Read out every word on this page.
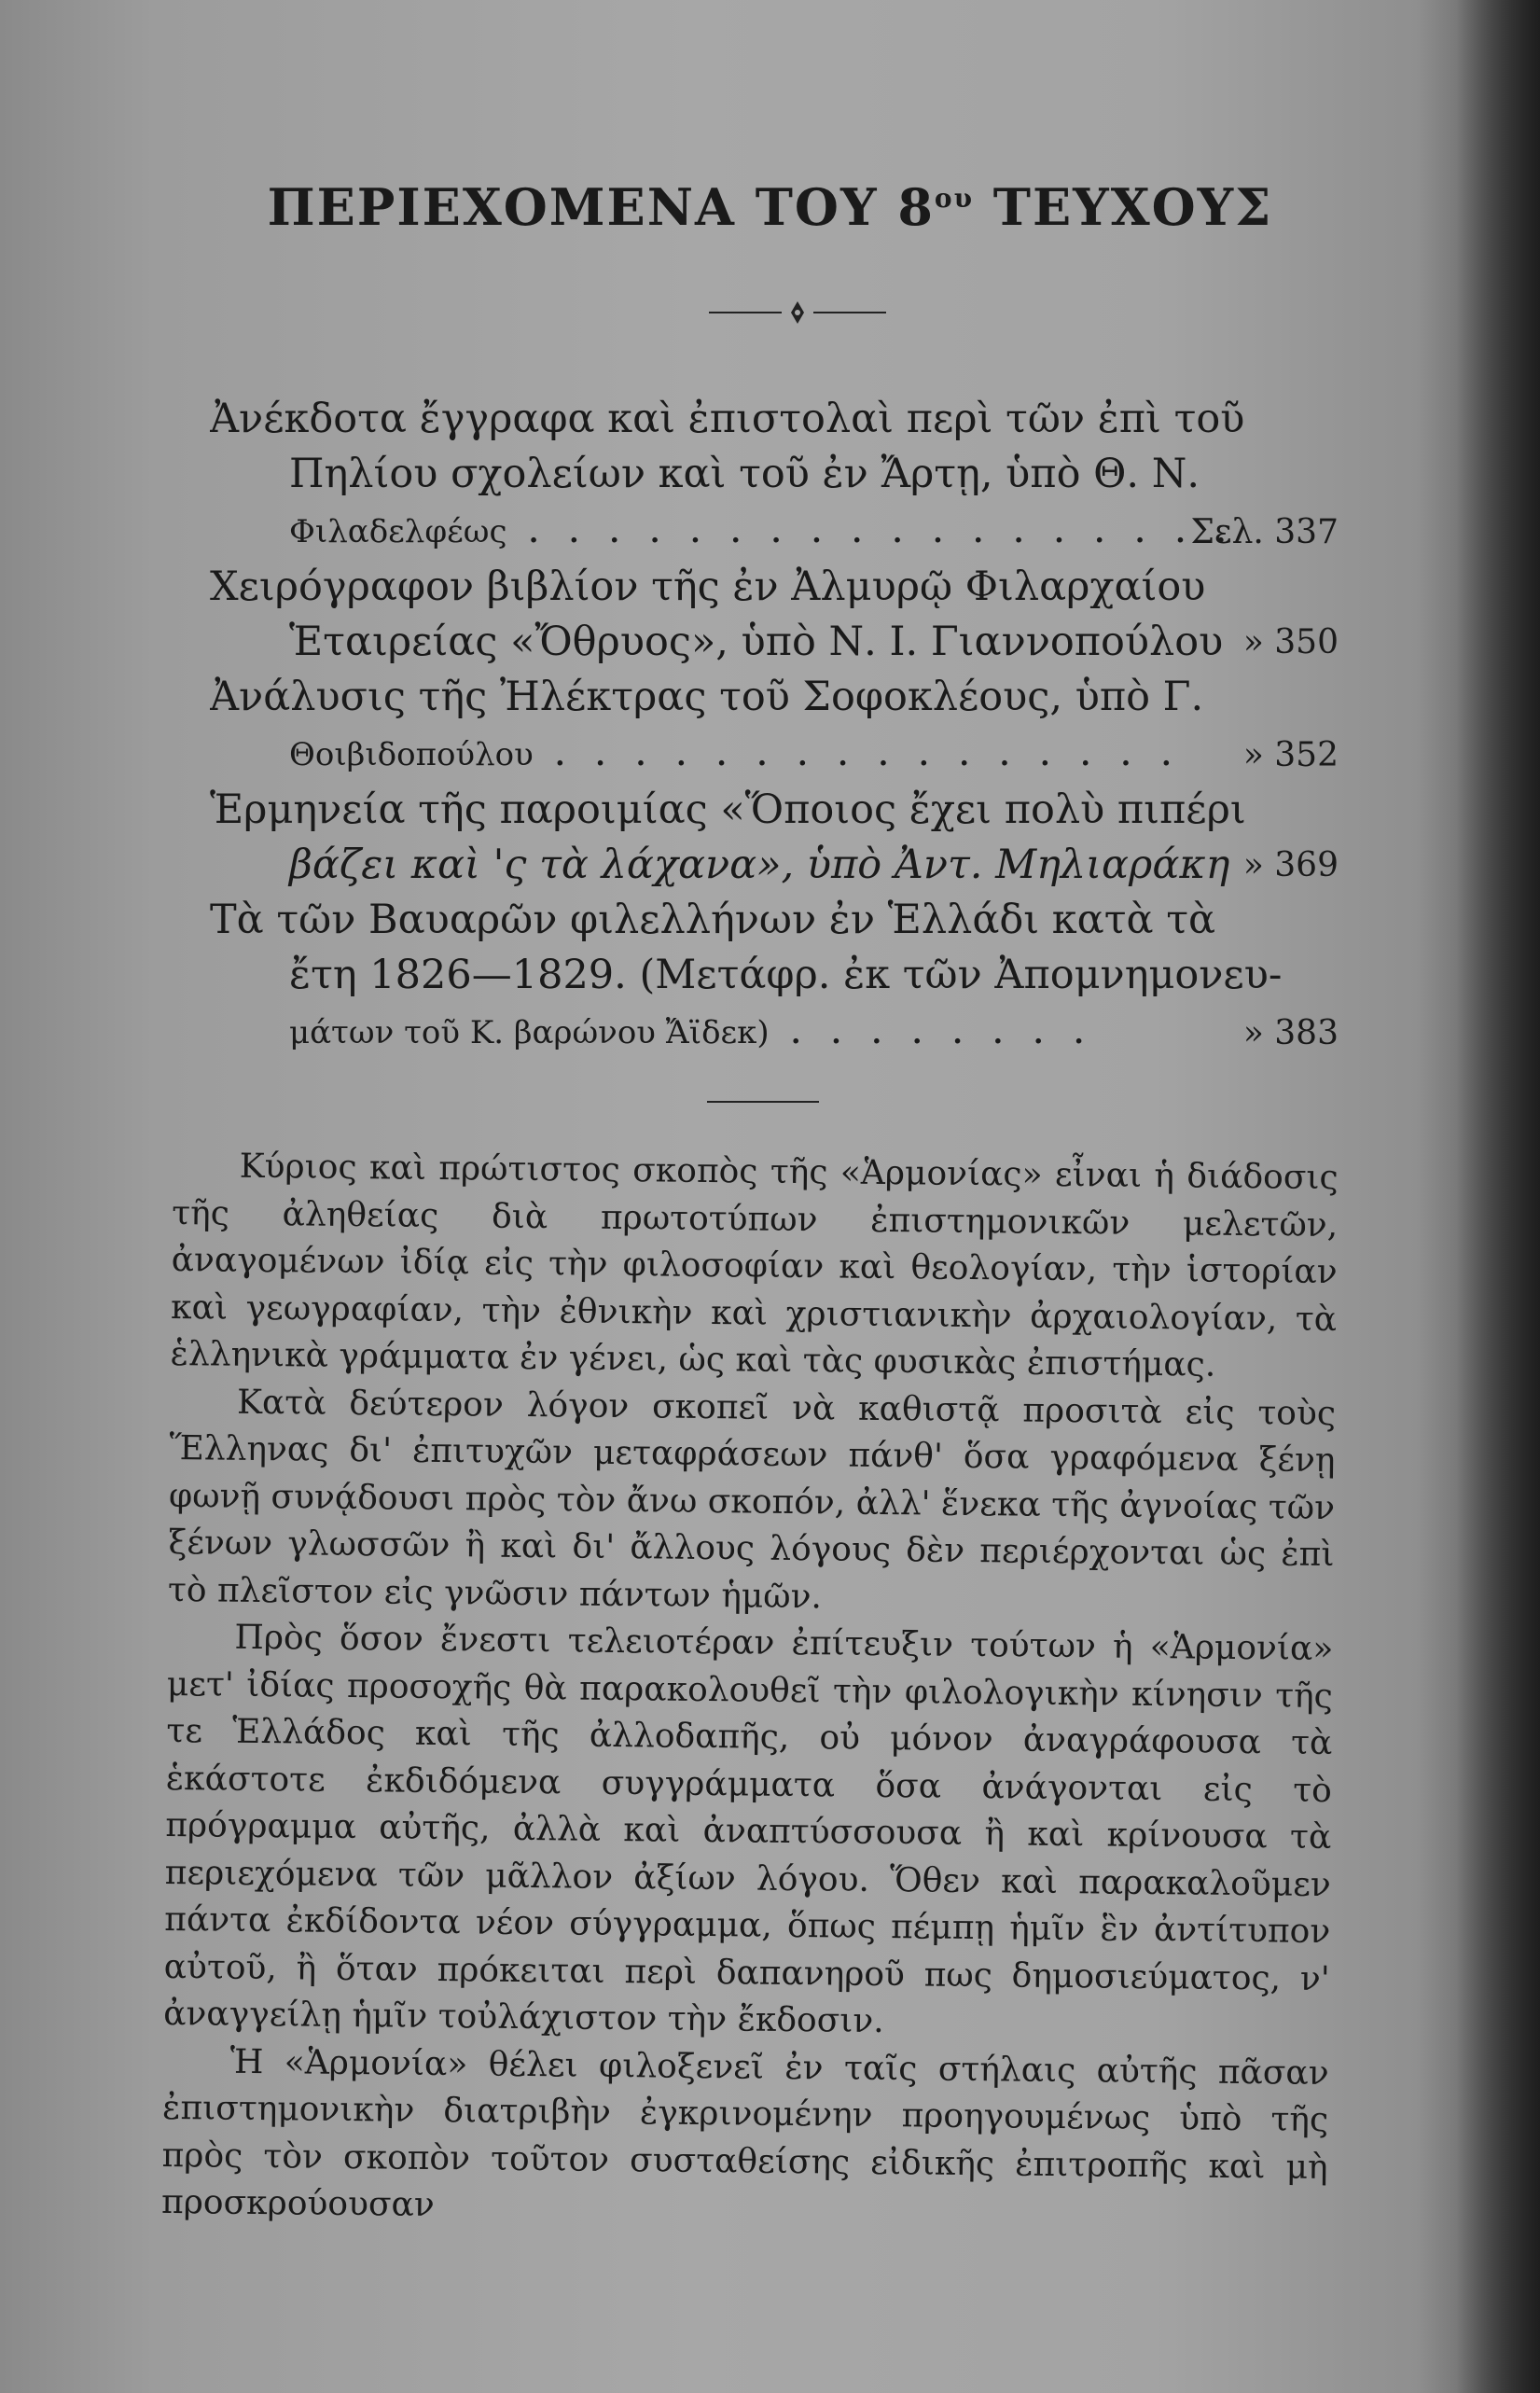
ΠΕΡΙΕΧΟΜΕΝΑ ΤΟΥ $8^{o\upsilon}$ ΤΕΥΧΟΥΣ
Ἀνέκδοτα ἔγγραφα καὶ ἐπιστολαὶ περὶ τῶν ἐπὶ τοῦ
Πηλίου σχολείων καὶ τοῦ ἐν Ἄρτῃ, ὑπὸ Θ. Ν.
Φιλαδελφέως . . . . . . . . . . . . . . . . . .
Σελ. 337
Χειρόγραφον βιβλίον τῆς ἐν Ἀλμυρῷ Φιλαρχαίου
Ἑταιρείας «Ὄθρυος», ὑπὸ Ν. Ι. Γιαννοπούλου » 350
Ἀνάλυσις τῆς Ἠλέκτρας τοῦ Σοφοκλέους, ὑπὸ Γ.
Θοιβιδοπούλου . . . . . . . . . . . . . . . .	» 352
Ἑρμηνεία τῆς παροιμίας «Ὅποιος ἔχει πολὺ πιπέρι
βάζει καὶ 'ς τὰ λάχανα», ὑπὸ Ἀντ. Μηλιαράκη » 369
Τὰ τῶν Βαυαρῶν φιλελλήνων ἐν Ἑλλάδι κατὰ τὰ
ἔτη 1826—1829. (Μετάφρ. ἐκ τῶν Ἀπομνημονευ-
μάτων τοῦ Κ. βαρώνου Ἄϊδεκ) . . . . . . . .	» 383

Κύριος καὶ πρώτιστος σκοπὸς τῆς «Ἁρμονίας» εἶναι ἡ διάδοσις τῆς ἀληθείας διὰ πρωτοτύπων ἐπιστημονικῶν μελετῶν, ἀναγομένων ἰδίᾳ εἰς τὴν φιλοσοφίαν καὶ θεολογίαν, τὴν ἱστορίαν καὶ γεωγραφίαν, τὴν ἐθνικὴν καὶ χριστιανικὴν ἀρχαιολογίαν, τὰ ἑλληνικὰ γράμματα ἐν γένει, ὡς καὶ τὰς φυσικὰς ἐπιστήμας.

Κατὰ δεύτερον λόγον σκοπεῖ νὰ καθιστᾷ προσιτὰ εἰς τοὺς Ἕλληνας δι' ἐπιτυχῶν μεταφράσεων πάνθ' ὅσα γραφόμενα ξένῃ φωνῇ συνᾴδουσι πρὸς τὸν ἄνω σκοπόν, ἀλλ' ἕνεκα τῆς ἀγνοίας τῶν ξένων γλωσσῶν ἢ καὶ δι' ἄλλους λόγους δὲν περιέρχονται ὡς ἐπὶ τὸ πλεῖστον εἰς γνῶσιν πάντων ἡμῶν.

Πρὸς ὅσον ἔνεστι τελειοτέραν ἐπίτευξιν τούτων ἡ «Ἁρμονία» μετ' ἰδίας προσοχῆς θὰ παρακολουθεῖ τὴν φιλολογικὴν κίνησιν τῆς τε Ἑλλάδος καὶ τῆς ἀλλοδαπῆς, οὐ μόνον ἀναγράφουσα τὰ ἑκάστοτε ἐκδιδόμενα συγγράμματα ὅσα ἀνάγονται εἰς τὸ πρόγραμμα αὐτῆς, ἀλλὰ καὶ ἀναπτύσσουσα ἢ καὶ κρίνουσα τὰ περιεχόμενα τῶν μᾶλλον ἀξίων λόγου. Ὅθεν καὶ παρακαλοῦμεν πάντα ἐκδίδοντα νέον σύγγραμμα, ὅπως πέμπῃ ἡμῖν ἓν ἀντίτυπον αὐτοῦ, ἢ ὅταν πρόκειται περὶ δαπανηροῦ πως δημοσιεύματος, ν' ἀναγγείλῃ ἡμῖν τοὐλάχιστον τὴν ἔκδοσιν.

Ἡ «Ἁρμονία» θέλει φιλοξενεῖ ἐν ταῖς στήλαις αὐτῆς πᾶσαν ἐπιστημονικὴν διατριβὴν ἐγκρινομένην προηγουμένως ὑπὸ τῆς πρὸς τὸν σκοπὸν τοῦτον συσταθείσης εἰδικῆς ἐπιτροπῆς καὶ μὴ προσκρούουσαν
